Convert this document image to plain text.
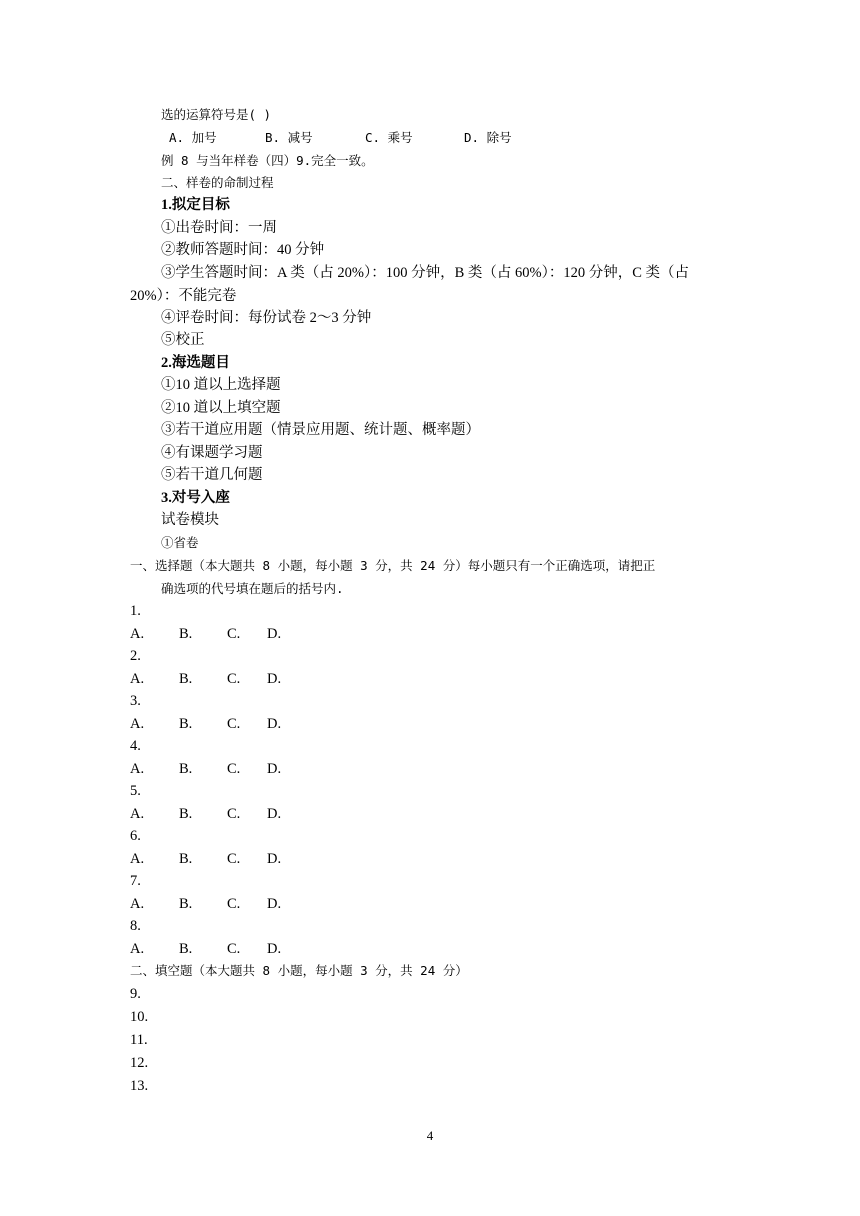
选的运算符号是( )
A. 加号	B. 减号	C. 乘号	D. 除号
例 8 与当年样卷（四）9.完全一致。
二、样卷的命制过程
1.拟定目标
①出卷时间：一周
②教师答题时间：40 分钟
③学生答题时间：A 类（占 20%）：100 分钟，B 类（占 60%）：120 分钟，C 类（占
20%）：不能完卷
④评卷时间：每份试卷 2～3 分钟
⑤校正
2.海选题目
①10 道以上选择题
②10 道以上填空题
③若干道应用题（情景应用题、统计题、概率题）
④有课题学习题
⑤若干道几何题
3.对号入座
试卷模块
①省卷
一、选择题（本大题共 8 小题，每小题 3 分，共 24 分）每小题只有一个正确选项，请把正
确选项的代号填在题后的括号内.
1.
A. B. C. D.
2.
A. B. C. D.
3.
A. B. C. D.
4.
A. B. C. D.
5.
A. B. C. D.
6.
A. B. C. D.
7.
A. B. C. D.
8.
A. B. C. D.
二、填空题（本大题共 8 小题，每小题 3 分，共 24 分）
9.
10.
11.
12.
13.
4
